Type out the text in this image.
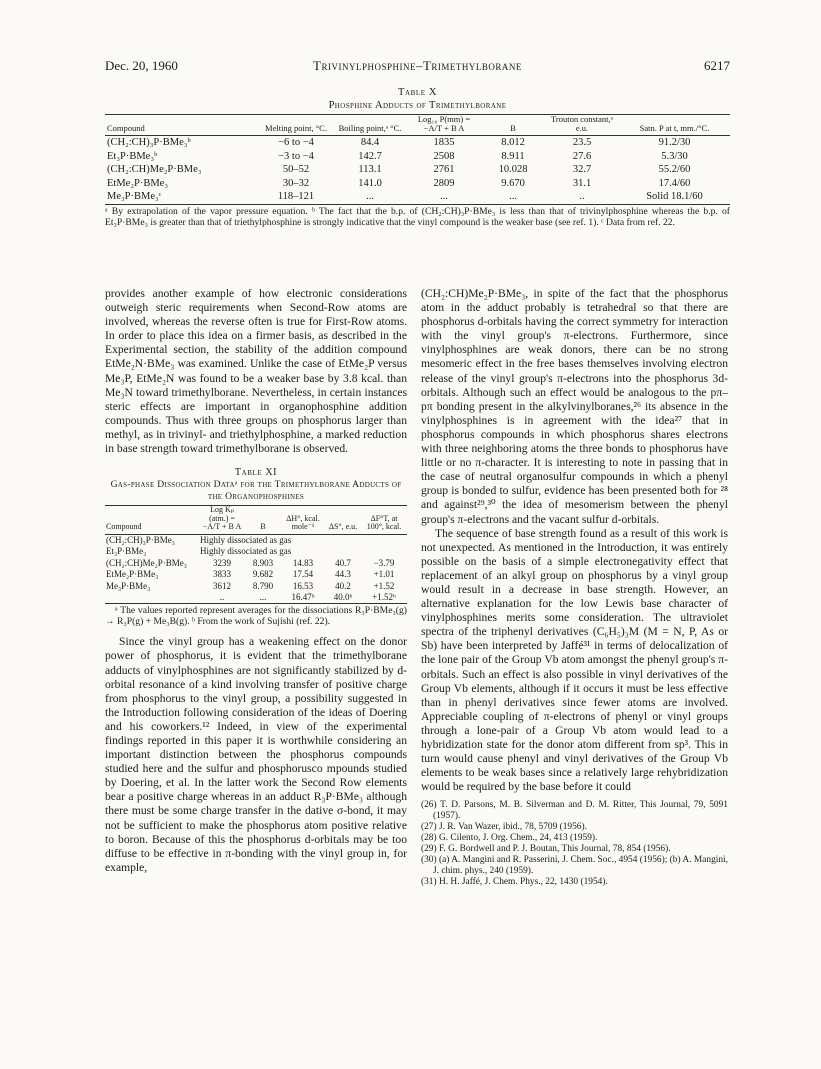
Dec. 20, 1960	Trivinylphosphine–Trimethylborane	6217
Table X
Phosphine Adducts of Trimethylborane
Compound	Melting point, °C.	Boiling point,ᵃ °C.	Log₁₀ P(mm) = −A/T + B A	B	Trouton constant,ᵃ e.u.	Satn. P at t, mm./°C.
(CH₂:CH)₃P·BMe₃ᵇ	−6 to −4	84.4	1835	8.012	23.5	91.2/30
Et₃P·BMe₃ᵇ	−3 to −4	142.7	2508	8.911	27.6	5.3/30
(CH₂:CH)Me₂P·BMe₃	50–52	113.1	2761	10.028	32.7	55.2/60
EtMe₂P·BMe₃	30–32	141.0	2809	9.670	31.1	17.4/60
Me₃P·BMe₃ᶜ	118–121	...	...	...	..	Solid 18.1/60
ᵃ By extrapolation of the vapor pressure equation. ᵇ The fact that the b.p. of (CH₂:CH)₃P·BMe₃ is less than that of trivinylphosphine whereas the b.p. of Et₃P·BMe₃ is greater than that of triethylphosphine is strongly indicative that the vinyl compound is the weaker base (see ref. 1). ᶜ Data from ref. 22.

provides another example of how electronic considerations outweigh steric requirements when Second-Row atoms are involved, whereas the reverse often is true for First-Row atoms. In order to place this idea on a firmer basis, as described in the Experimental section, the stability of the addition compound EtMe₂N·BMe₃ was examined. Unlike the case of EtMe₂P versus Me₃P, EtMe₂N was found to be a weaker base by 3.8 kcal. than Me₃N toward trimethylborane. Nevertheless, in certain instances steric effects are important in organophosphine addition compounds. Thus with three groups on phosphorus larger than methyl, as in trivinyl- and triethylphosphine, a marked reduction in base strength toward trimethylborane is observed.

Table XI
Gas-phase Dissociation Dataᵃ for the Trimethylborane Adducts of the Organophosphines
Compound	Log Kₚ (atm.) = −A/T + B A	B	ΔH°, kcal. mole⁻¹	ΔS°, e.u.	ΔF°T, at 100°, kcal.
(CH₂:CH)₃P·BMe₃	Highly dissociated as gas				
Et₃P·BMe₃	Highly dissociated as gas				
(CH₂:CH)Me₂P·BMe₃	3239	8.903	14.83	40.7	−3.79
EtMe₂P·BMe₃	3833	9.682	17.54	44.3	+1.01
Me₃P·BMe₃	3612	8.790	16.53	40.2	+1.52
	..	...	16.47ᵇ	40.0ᵇ	+1.52ᵇ
ᵃ The values reported represent averages for the dissociations R₃P·BMe₃(g) → R₃P(g) + Me₃B(g). ᵇ From the work of Sujishi (ref. 22).

Since the vinyl group has a weakening effect on the donor power of phosphorus, it is evident that the trimethylborane adducts of vinylphosphines are not significantly stabilized by d-orbital resonance of a kind involving transfer of positive charge from phosphorus to the vinyl group, a possibility suggested in the Introduction following consideration of the ideas of Doering and his coworkers.¹² Indeed, in view of the experimental findings reported in this paper it is worthwhile considering an important distinction between the phosphorus compounds studied here and the sulfur and phosphorusco mpounds studied by Doering, et al. In the latter work the Second Row elements bear a positive charge whereas in an adduct R₃P·BMe₃ although there must be some charge transfer in the dative σ-bond, it may not be sufficient to make the phosphorus atom positive relative to boron. Because of this the phosphorus d-orbitals may be too diffuse to be effective in π-bonding with the vinyl group in, for example,

(CH₂:CH)Me₂P·BMe₃, in spite of the fact that the phosphorus atom in the adduct probably is tetrahedral so that there are phosphorus d-orbitals having the correct symmetry for interaction with the vinyl group's π-electrons. Furthermore, since vinylphosphines are weak donors, there can be no strong mesomeric effect in the free bases themselves involving electron release of the vinyl group's π-electrons into the phosphorus 3d-orbitals. Although such an effect would be analogous to the pπ–pπ bonding present in the alkylvinylboranes,²⁶ its absence in the vinylphosphines is in agreement with the idea²⁷ that in phosphorus compounds in which phosphorus shares electrons with three neighboring atoms the three bonds to phosphorus have little or no π-character. It is interesting to note in passing that in the case of neutral organosulfur compounds in which a phenyl group is bonded to sulfur, evidence has been presented both for ²⁸ and against²⁹,³⁰ the idea of mesomerism between the phenyl group's π-electrons and the vacant sulfur d-orbitals.

The sequence of base strength found as a result of this work is not unexpected. As mentioned in the Introduction, it was entirely possible on the basis of a simple electronegativity effect that replacement of an alkyl group on phosphorus by a vinyl group would result in a decrease in base strength. However, an alternative explanation for the low Lewis base character of vinylphosphines merits some consideration. The ultraviolet spectra of the triphenyl derivatives (C₆H₅)₃M (M = N, P, As or Sb) have been interpreted by Jaffé³¹ in terms of delocalization of the lone pair of the Group Vb atom amongst the phenyl group's π-orbitals. Such an effect is also possible in vinyl derivatives of the Group Vb elements, although if it occurs it must be less effective than in phenyl derivatives since fewer atoms are involved. Appreciable coupling of π-electrons of phenyl or vinyl groups through a lone-pair of a Group Vb atom would lead to a hybridization state for the donor atom different from sp³. This in turn would cause phenyl and vinyl derivatives of the Group Vb elements to be weak bases since a relatively large rehybridization would be required by the base before it could

(26) T. D. Parsons, M. B. Silverman and D. M. Ritter, This Journal, 79, 5091 (1957).
(27) J. R. Van Wazer, ibid., 78, 5709 (1956).
(28) G. Cilento, J. Org. Chem., 24, 413 (1959).
(29) F. G. Bordwell and P. J. Boutan, This Journal, 78, 854 (1956).
(30) (a) A. Mangini and R. Passerini, J. Chem. Soc., 4954 (1956); (b) A. Mangini, J. chim. phys., 240 (1959).
(31) H. H. Jaffé, J. Chem. Phys., 22, 1430 (1954).
